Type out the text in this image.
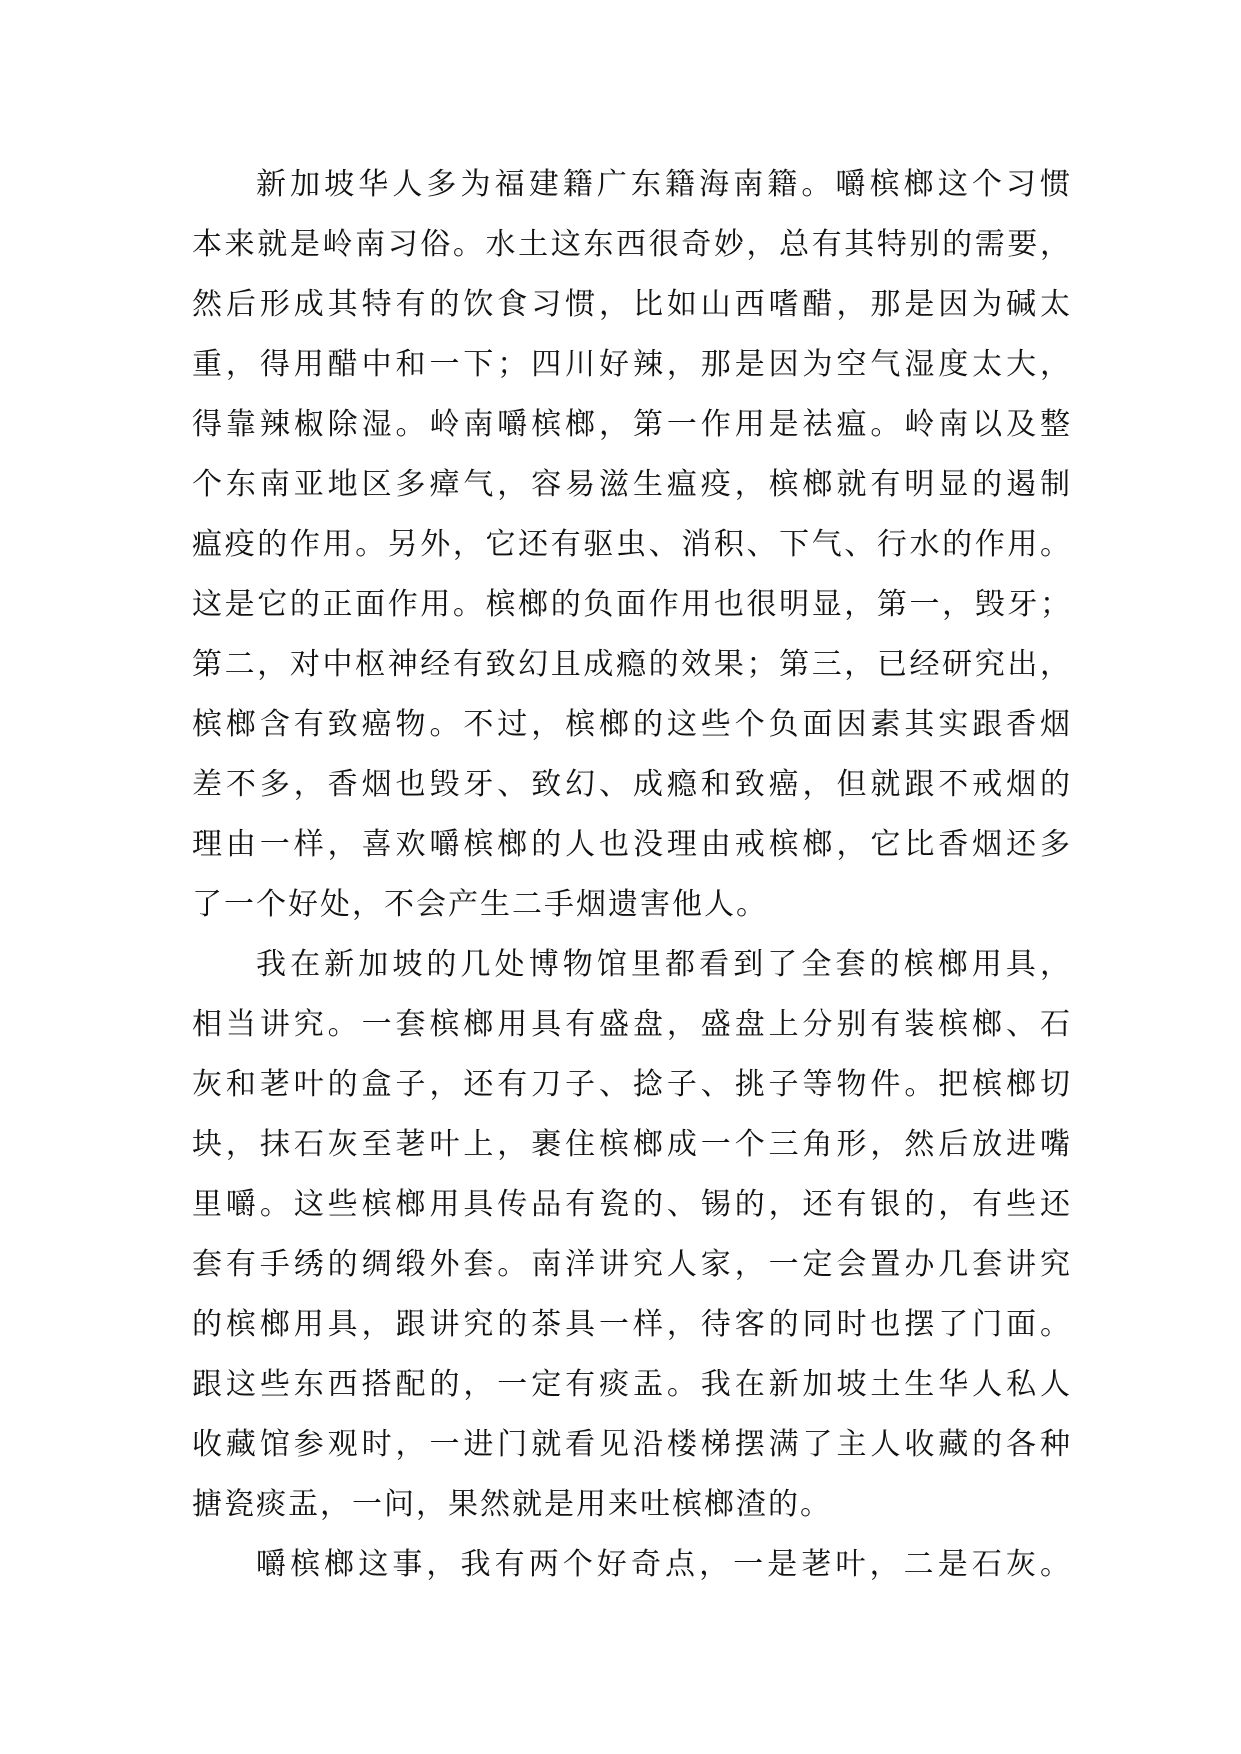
新加坡华人多为福建籍广东籍海南籍。嚼槟榔这个习惯
本来就是岭南习俗。水土这东西很奇妙，总有其特别的需要，
然后形成其特有的饮食习惯，比如山西嗜醋，那是因为碱太
重，得用醋中和一下；四川好辣，那是因为空气湿度太大，
得靠辣椒除湿。岭南嚼槟榔，第一作用是祛瘟。岭南以及整
个东南亚地区多瘴气，容易滋生瘟疫，槟榔就有明显的遏制
瘟疫的作用。另外，它还有驱虫、消积、下气、行水的作用。
这是它的正面作用。槟榔的负面作用也很明显，第一，毁牙；
第二，对中枢神经有致幻且成瘾的效果；第三，已经研究出，
槟榔含有致癌物。不过，槟榔的这些个负面因素其实跟香烟
差不多，香烟也毁牙、致幻、成瘾和致癌，但就跟不戒烟的
理由一样，喜欢嚼槟榔的人也没理由戒槟榔，它比香烟还多
了一个好处，不会产生二手烟遗害他人。
我在新加坡的几处博物馆里都看到了全套的槟榔用具，
相当讲究。一套槟榔用具有盛盘，盛盘上分别有装槟榔、石
灰和荖叶的盒子，还有刀子、捻子、挑子等物件。把槟榔切
块，抹石灰至荖叶上，裹住槟榔成一个三角形，然后放进嘴
里嚼。这些槟榔用具传品有瓷的、锡的，还有银的，有些还
套有手绣的绸缎外套。南洋讲究人家，一定会置办几套讲究
的槟榔用具，跟讲究的茶具一样，待客的同时也摆了门面。
跟这些东西搭配的，一定有痰盂。我在新加坡土生华人私人
收藏馆参观时，一进门就看见沿楼梯摆满了主人收藏的各种
搪瓷痰盂，一问，果然就是用来吐槟榔渣的。
嚼槟榔这事，我有两个好奇点，一是荖叶，二是石灰。
